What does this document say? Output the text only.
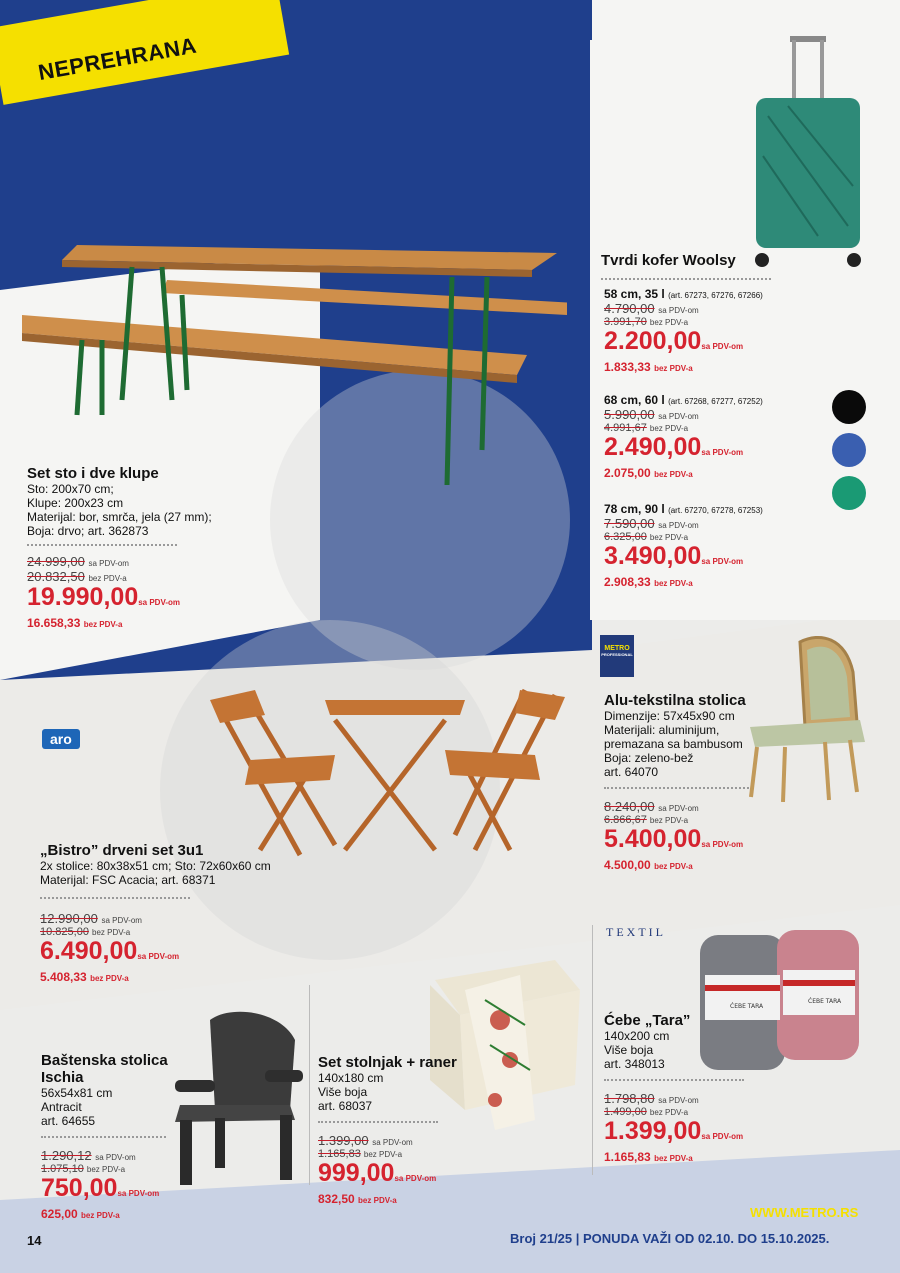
NEPREHRANA
Set sto i dve klupe
Sto: 200x70 cm;
Klupe: 200x23 cm
Materijal: bor, smrča, jela (27 mm);
Boja: drvo; art. 362873
24.999,00 sa PDV-om
20.832,50 bez PDV-a
19.990,00sa PDV-om
16.658,33 bez PDV-a
Tvrdi kofer Woolsy
58 cm, 35 l (art. 67273, 67276, 67266)
4.790,00 sa PDV-om
3.991,70 bez PDV-a
2.200,00sa PDV-om
1.833,33 bez PDV-a
68 cm, 60 l (art. 67268, 67277, 67252)
5.990,00 sa PDV-om
4.991,67 bez PDV-a
2.490,00sa PDV-om
2.075,00 bez PDV-a
78 cm, 90 l (art. 67270, 67278, 67253)
7.590,00 sa PDV-om
6.325,00 bez PDV-a
3.490,00sa PDV-om
2.908,33 bez PDV-a
aro
„Bistro” drveni set 3u1
2x stolice: 80x38x51 cm; Sto: 72x60x60 cm
Materijal: FSC Acacia; art. 68371
12.990,00 sa PDV-om
10.825,00 bez PDV-a
6.490,00sa PDV-om
5.408,33 bez PDV-a
METRO
PROFESSIONAL
Alu-tekstilna stolica
Dimenzije: 57x45x90 cm
Materijali: aluminijum,
premazana sa bambusom
Boja: zeleno-bež
art. 64070
8.240,00 sa PDV-om
6.866,67 bez PDV-a
5.400,00sa PDV-om
4.500,00 bez PDV-a
Baštenska stolica
Ischia
56x54x81 cm
Antracit
art. 64655
1.290,12 sa PDV-om
1.075,10 bez PDV-a
750,00sa PDV-om
625,00 bez PDV-a
Set stolnjak + raner
140x180 cm
Više boja
art. 68037
1.399,00 sa PDV-om
1.165,83 bez PDV-a
999,00sa PDV-om
832,50 bez PDV-a
TEXTIL
ĆEBE TARA
ĆEBE TARA
Ćebe „Tara”
140x200 cm
Više boja
art. 348013
1.798,80 sa PDV-om
1.499,00 bez PDV-a
1.399,00sa PDV-om
1.165,83 bez PDV-a
WWW.METRO.RS
Broj 21/25 | PONUDA VAŽI OD 02.10. DO 15.10.2025.
14
